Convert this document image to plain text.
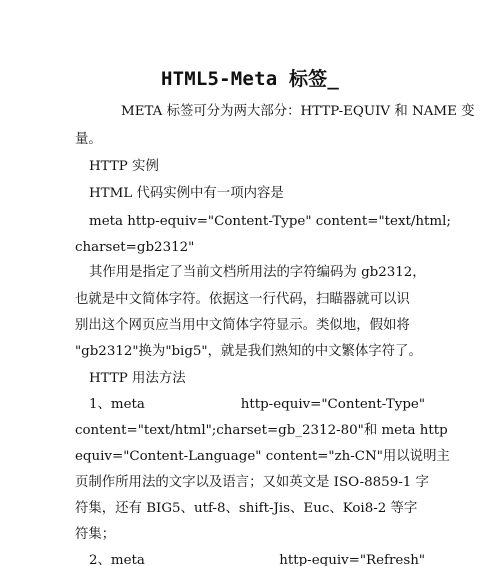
HTML5-Meta 标签_
META 标签可分为两大部分：HTTP-EQUIV 和 NAME 变
量。
HTTP 实例
HTML 代码实例中有一项内容是
meta http-equiv="Content-Type" content="text/html;
charset=gb2312"
其作用是指定了当前文档所用法的字符编码为 gb2312，
也就是中文简体字符。依据这一行代码，扫瞄器就可以识
别出这个网页应当用中文简体字符显示。类似地，假如将
"gb2312"换为"big5"，就是我们熟知的中文繁体字符了。
HTTP 用法方法
1、meta	http-equiv="Content-Type"
content="text/html";charset=gb_2312-80"和 meta http
equiv="Content-Language" content="zh-CN"用以说明主
页制作所用法的文字以及语言；又如英文是 ISO-8859-1 字
符集，还有 BIG5、utf-8、shift-Jis、Euc、Koi8-2 等字
符集；
2、meta	http-equiv="Refresh"
